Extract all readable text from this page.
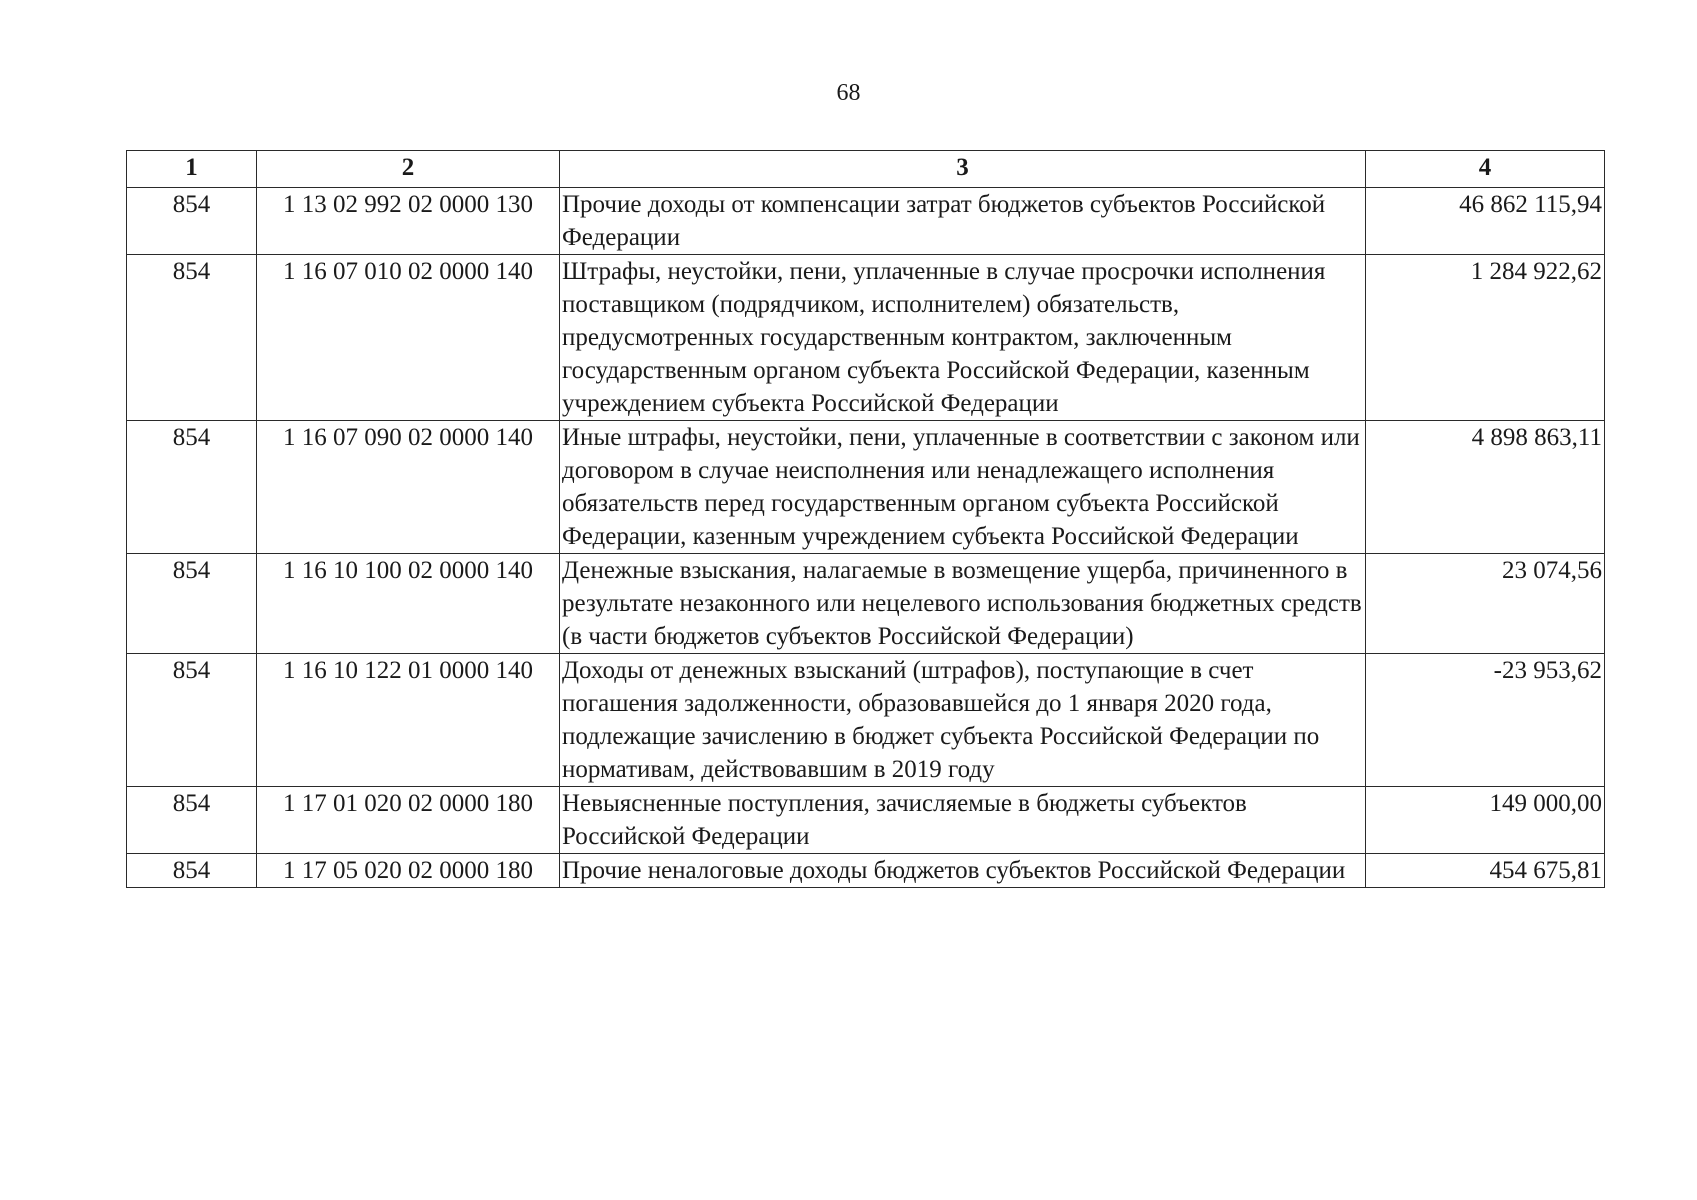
68
1	2	3	4
854	1 13 02 992 02 0000 130	Прочие доходы от компенсации затрат бюджетов субъектов Российской Федерации	46 862 115,94
854	1 16 07 010 02 0000 140	Штрафы, неустойки, пени, уплаченные в случае просрочки исполнения поставщиком (подрядчиком, исполнителем) обязательств, предусмотренных государственным контрактом, заключенным государственным органом субъекта Российской Федерации, казенным учреждением субъекта Российской Федерации	1 284 922,62
854	1 16 07 090 02 0000 140	Иные штрафы, неустойки, пени, уплаченные в соответствии с законом или договором в случае неисполнения или ненадлежащего исполнения обязательств перед государственным органом субъекта Российской Федерации, казенным учреждением субъекта Российской Федерации	4 898 863,11
854	1 16 10 100 02 0000 140	Денежные взыскания, налагаемые в возмещение ущерба, причиненного в результате незаконного или нецелевого использования бюджетных средств (в части бюджетов субъектов Российской Федерации)	23 074,56
854	1 16 10 122 01 0000 140	Доходы от денежных взысканий (штрафов), поступающие в счет погашения задолженности, образовавшейся до 1 января 2020 года, подлежащие зачислению в бюджет субъекта Российской Федерации по нормативам, действовавшим в 2019 году	-23 953,62
854	1 17 01 020 02 0000 180	Невыясненные поступления, зачисляемые в бюджеты субъектов Российской Федерации	149 000,00
854	1 17 05 020 02 0000 180	Прочие неналоговые доходы бюджетов субъектов Российской Федерации	454 675,81
